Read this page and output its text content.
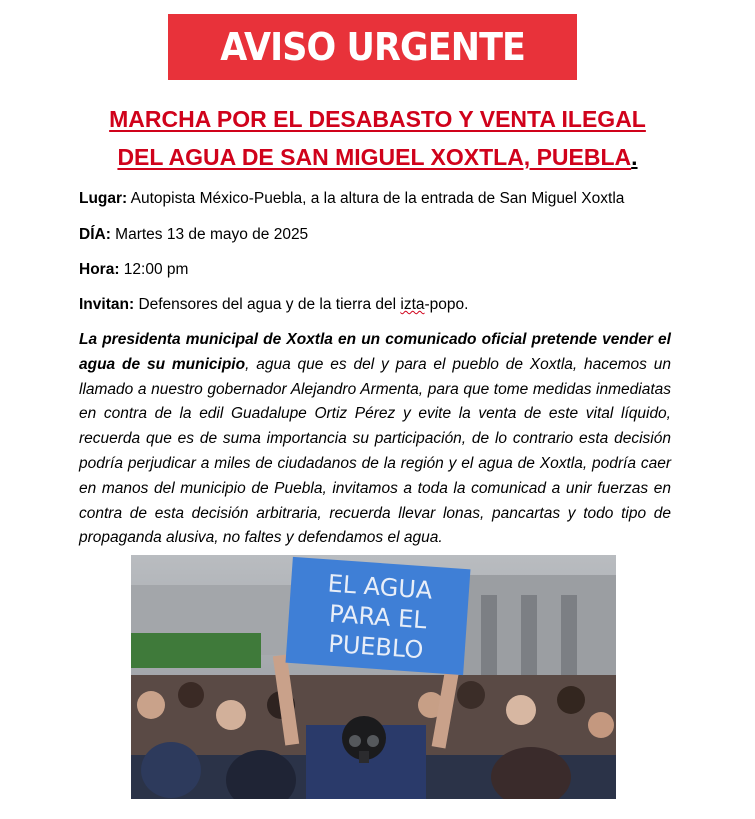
AVISO URGENTE
MARCHA POR EL DESABASTO Y VENTA ILEGAL
DEL AGUA DE SAN MIGUEL XOXTLA, PUEBLA.
Lugar: Autopista México-Puebla, a la altura de la entrada de San Miguel Xoxtla
DÍA: Martes 13 de mayo de 2025
Hora: 12:00 pm
Invitan: Defensores del agua y de la tierra del izta-popo.
La presidenta municipal de Xoxtla en un comunicado oficial pretende vender el agua de su municipio, agua que es del y para el pueblo de Xoxtla, hacemos un llamado a nuestro gobernador Alejandro Armenta, para que tome medidas inmediatas en contra de la edil Guadalupe Ortiz Pérez y evite la venta de este vital líquido, recuerda que es de suma importancia su participación, de lo contrario esta decisión podría perjudicar a miles de ciudadanos de la región y el agua de Xoxtla, podría caer en manos del municipio de Puebla, invitamos a toda la comunicad a unir fuerzas en contra de esta decisión arbitraria, recuerda llevar lonas, pancartas y todo tipo de propaganda alusiva, no faltes y defendamos el agua.
EL AGUA
PARA EL
PUEBLO
